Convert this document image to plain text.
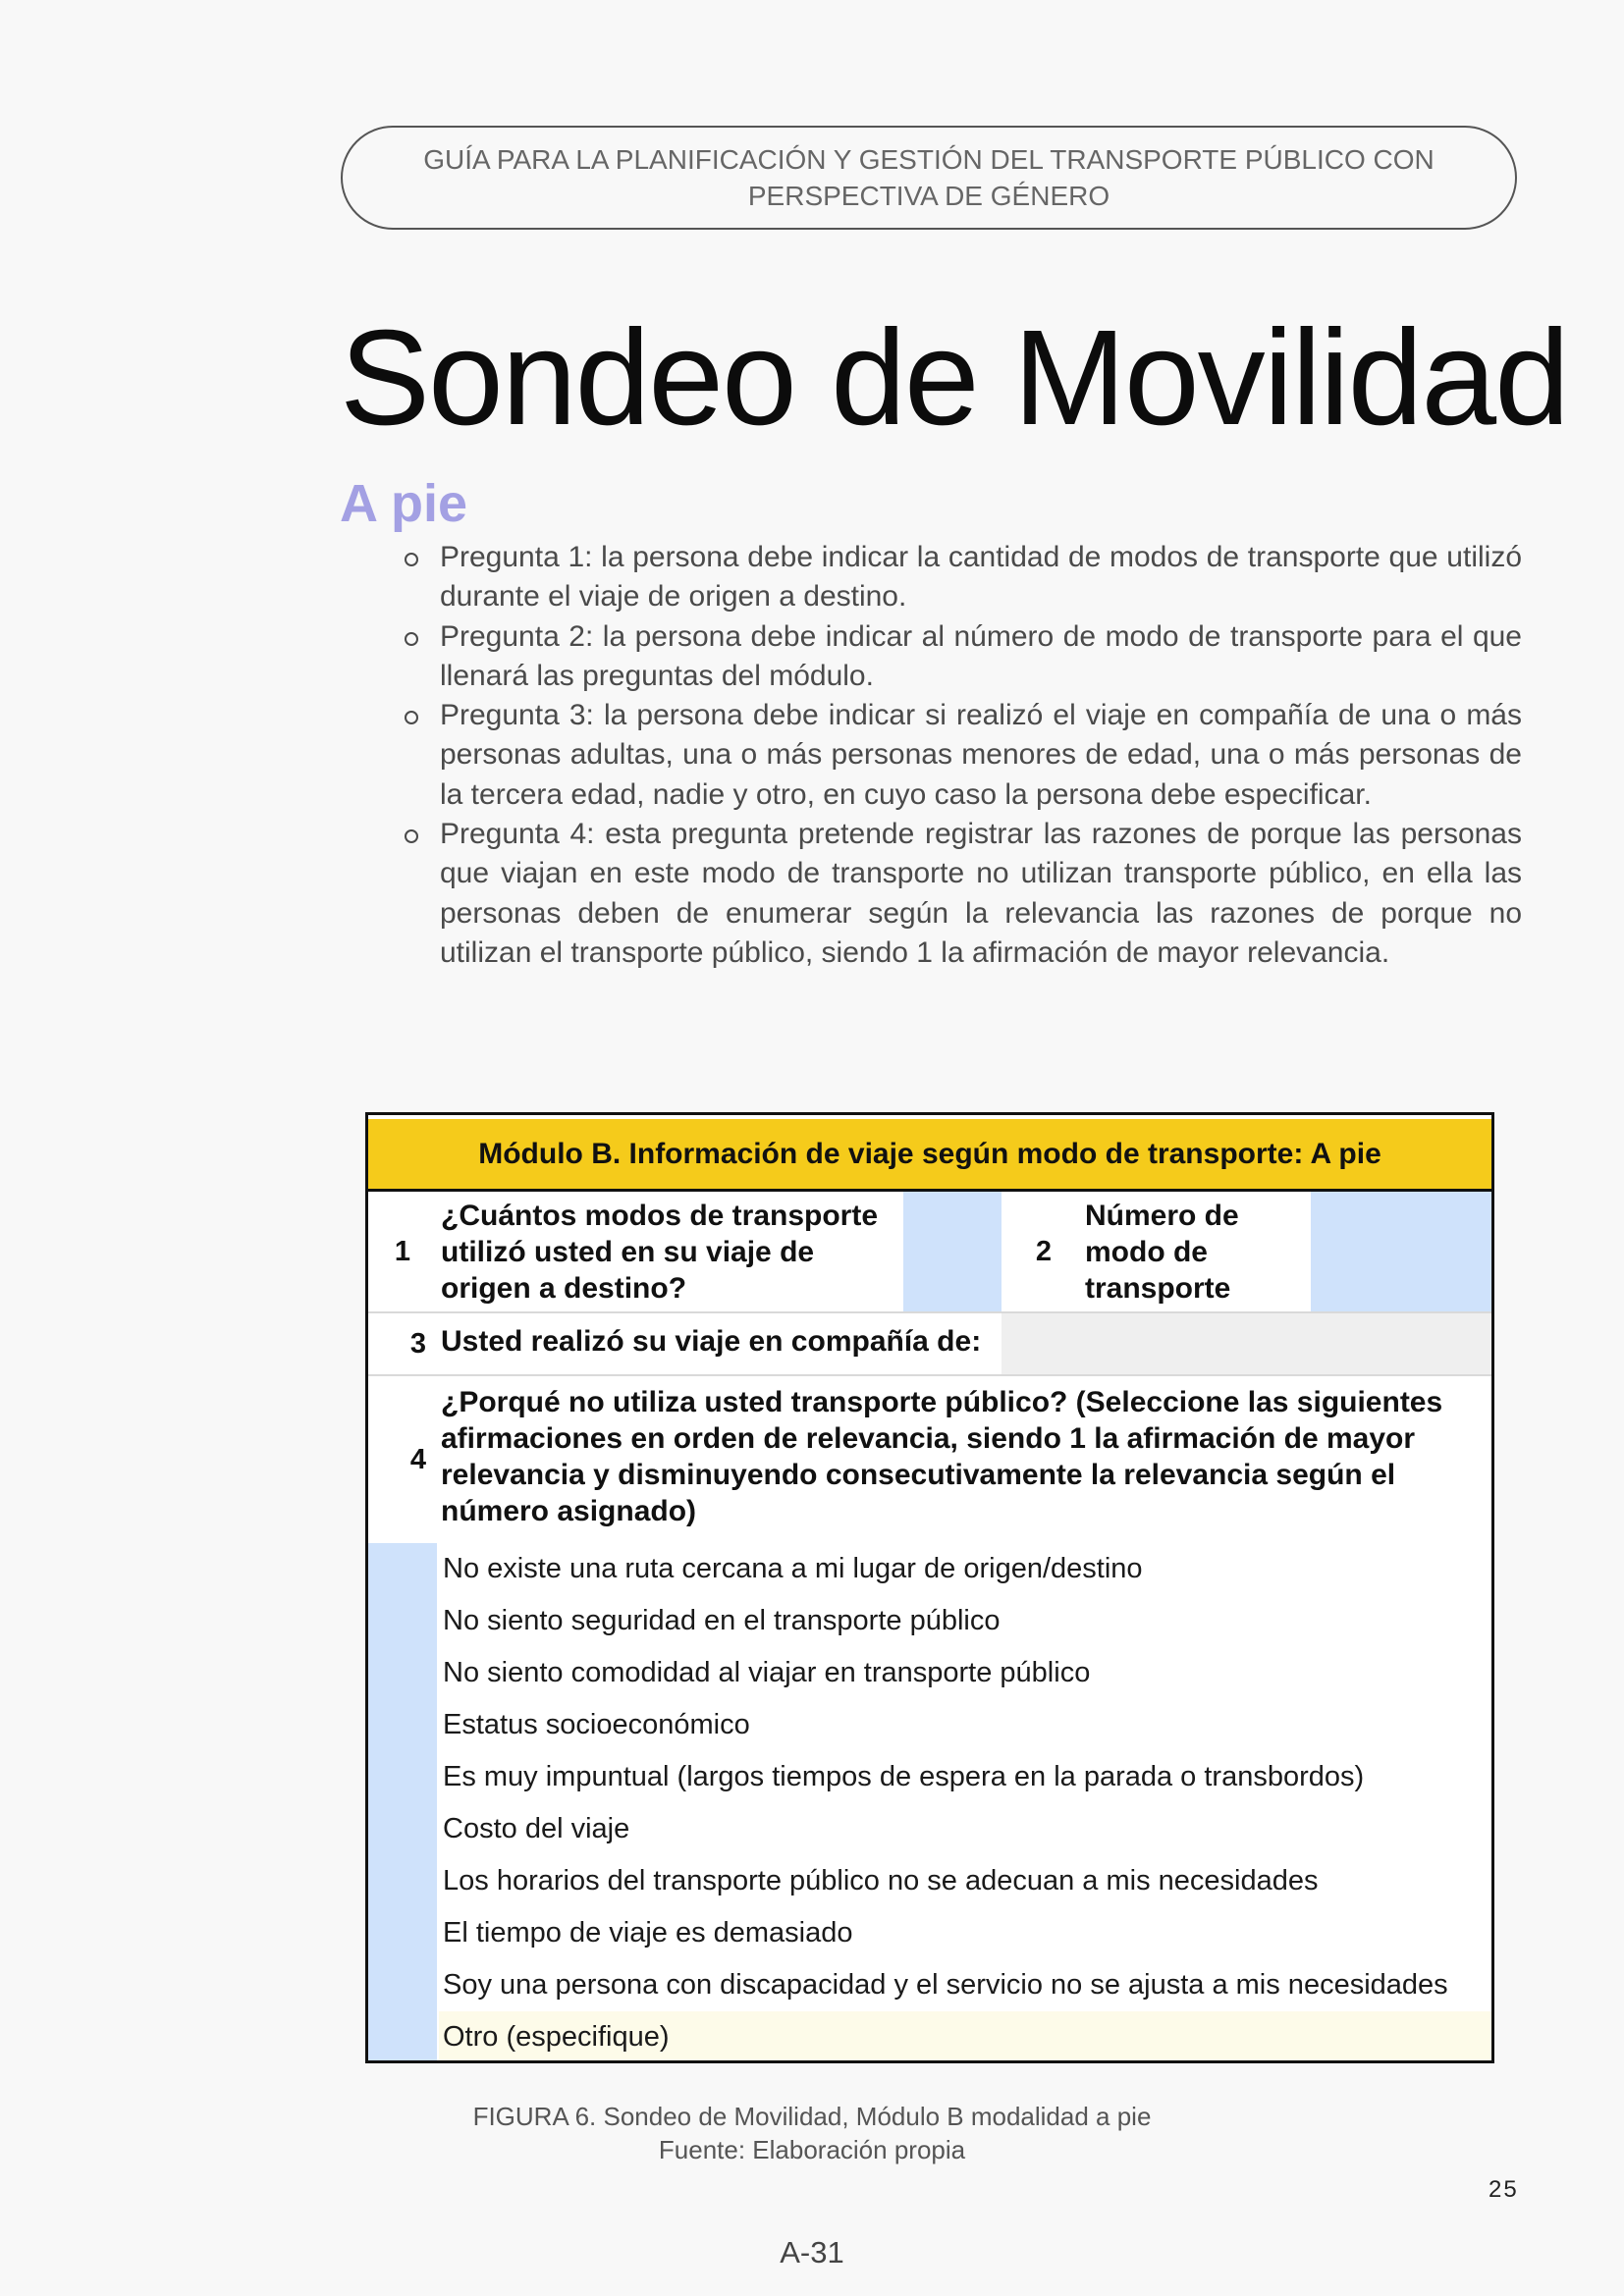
GUÍA PARA LA PLANIFICACIÓN Y GESTIÓN DEL TRANSPORTE PÚBLICO CON PERSPECTIVA DE GÉNERO
Sondeo de Movilidad
A pie
Pregunta 1: la persona debe indicar la cantidad de modos de transporte que utilizó durante el viaje de origen a destino.
Pregunta 2: la persona debe indicar al número de modo de transporte para el que llenará las preguntas del módulo.
Pregunta 3: la persona debe indicar si realizó el viaje en compañía de una o más personas adultas, una o más personas menores de edad, una o más personas de la tercera edad, nadie y otro, en cuyo caso la persona debe especificar.
Pregunta 4: esta pregunta pretende registrar las razones de porque las personas que viajan en este modo de transporte no utilizan transporte público, en ella las personas deben de enumerar según la relevancia las razones de porque no utilizan el transporte público, siendo 1 la afirmación de mayor relevancia.
Módulo B. Información de viaje según modo de transporte: A pie
1
¿Cuántos modos de transporte utilizó usted en su viaje de origen a destino?
2
Número de modo de transporte
3 Usted realizó su viaje en compañía de:
4
¿Porqué no utiliza usted transporte público? (Seleccione las siguientes afirmaciones en orden de relevancia, siendo 1 la afirmación de mayor relevancia y disminuyendo consecutivamente la relevancia según el número asignado)
No existe una ruta cercana a mi lugar de origen/destino
No siento seguridad en el transporte público
No siento comodidad al viajar en transporte público
Estatus socioeconómico
Es muy impuntual (largos tiempos de espera en la parada o transbordos)
Costo del viaje
Los horarios del transporte público no se adecuan a mis necesidades
El tiempo de viaje es demasiado
Soy una persona con discapacidad y el servicio no se ajusta a mis necesidades
Otro (especifique)
FIGURA 6. Sondeo de Movilidad, Módulo B modalidad a pie
Fuente: Elaboración propia
25
A-31
